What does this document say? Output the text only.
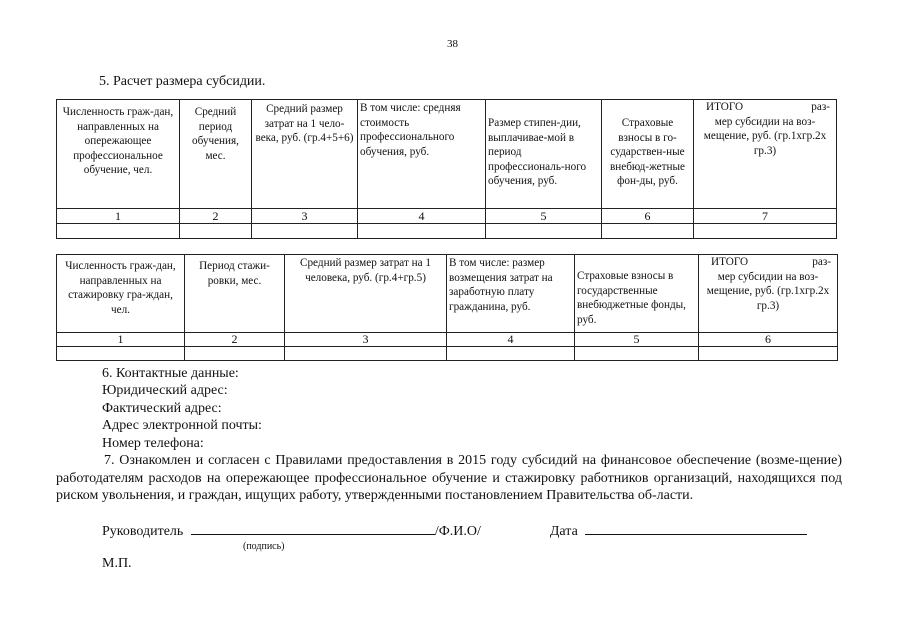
38
5. Расчет размера субсидии.
Численность граж-дан, направленных на опережающее профессиональное обучение, чел.	Средний период обучения, мес.	Средний размер затрат на 1 чело-века, руб. (гр.4+5+6)	В том числе: средняя стоимость профессионального обучения, руб.	Размер стипен-дии, выплачивае-мой в период профессиональ-ного обучения, руб.	Страховые взносы в го-сударствен-ные внебюд-жетные фон-ды, руб.	ИТОГО раз-
мер субсидии на воз-мещение, руб. (гр.1хгр.2х гр.3)

1	2	3	4	5	6	7

Численность граж-дан, направленных на стажировку гра-ждан, чел.	Период стажи-ровки, мес.	Средний размер затрат на 1 человека, руб. (гр.4+гр.5)	В том числе: размер возмещения затрат на заработную плату гражданина, руб.	Страховые взносы в государственные внебюджетные фонды, руб.	ИТОГО раз-
мер субсидии на воз-мещение, руб. (гр.1хгр.2х гр.3)

1	2	3	4	5	6

6. Контактные данные:
Юридический адрес:
Фактический адрес:
Адрес электронной почты:
Номер телефона:
7. Ознакомлен и согласен с Правилами предоставления в 2015 году субсидий на финансовое обеспечение (возме-щение) работодателям расходов на опережающее профессиональное обучение и стажировку работников организаций, находящихся под риском увольнения, и граждан, ищущих работу, утвержденными постановлением Правительства об-ласти.
Руководитель	/Ф.И.О/	Дата
(подпись)
М.П.
